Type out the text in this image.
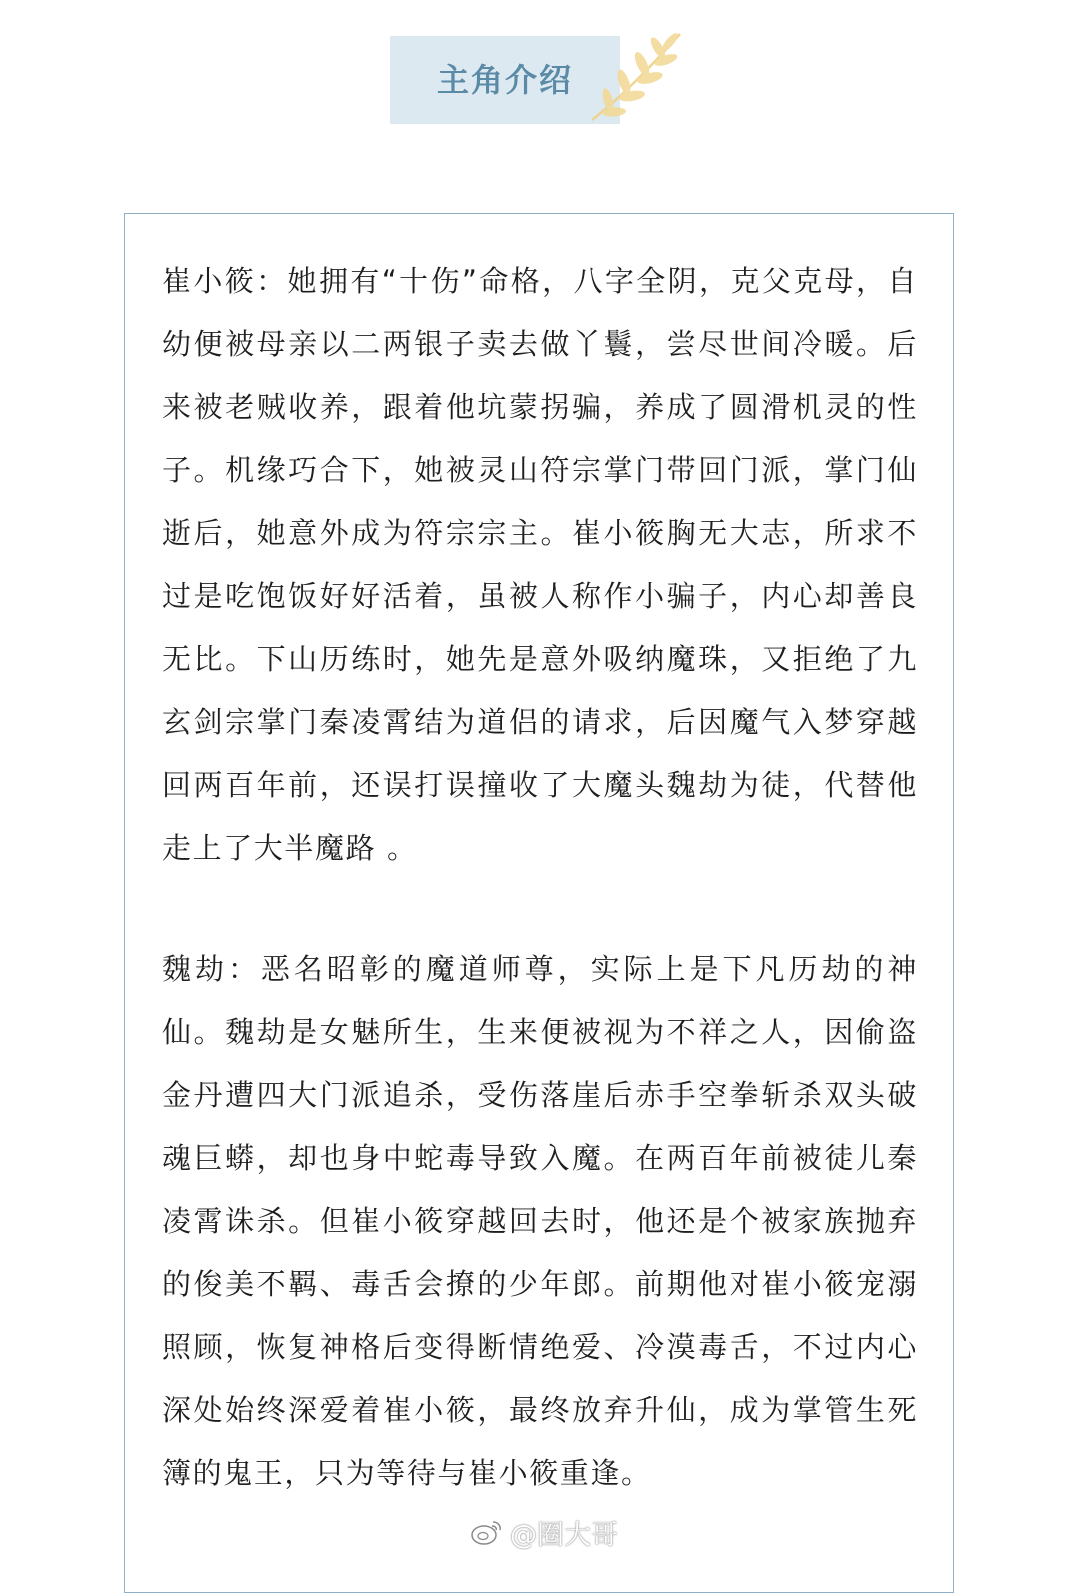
主角介绍

崔小筱：她拥有“十伤”命格，八字全阴，克父克母，自幼便被母亲以二两银子卖去做丫鬟，尝尽世间冷暖。后来被老贼收养，跟着他坑蒙拐骗，养成了圆滑机灵的性子。机缘巧合下，她被灵山符宗掌门带回门派，掌门仙逝后，她意外成为符宗宗主。崔小筱胸无大志，所求不过是吃饱饭好好活着，虽被人称作小骗子，内心却善良无比。下山历练时，她先是意外吸纳魔珠，又拒绝了九玄剑宗掌门秦凌霄结为道侣的请求，后因魔气入梦穿越回两百年前，还误打误撞收了大魔头魏劫为徒，代替他走上了大半魔路 。

魏劫：恶名昭彰的魔道师尊，实际上是下凡历劫的神仙。魏劫是女魅所生，生来便被视为不祥之人，因偷盗金丹遭四大门派追杀，受伤落崖后赤手空拳斩杀双头破魂巨蟒，却也身中蛇毒导致入魔。在两百年前被徒儿秦凌霄诛杀。但崔小筱穿越回去时，他还是个被家族抛弃的俊美不羁、毒舌会撩的少年郎。前期他对崔小筱宠溺照顾，恢复神格后变得断情绝爱、冷漠毒舌，不过内心深处始终深爱着崔小筱，最终放弃升仙，成为掌管生死簿的鬼王，只为等待与崔小筱重逢。

@圈大哥
